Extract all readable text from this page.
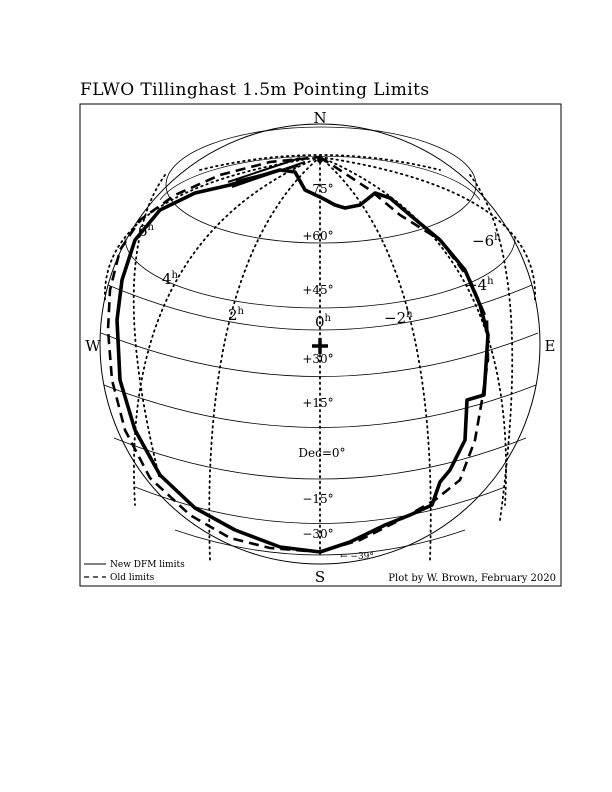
FLWO Tillinghast 1.5m Pointing Limits
N
S
E
W
6$^h$
4$^h$
2$^h$
$0^h$	$-2^h$
$-4^h$
$-6^h$
75°
+60°
+45°
+30°
+15°
Dec=0°
−15°
−30°
← −39°
New DFM limits
Old limits	Plot by W. Brown, February 2020
